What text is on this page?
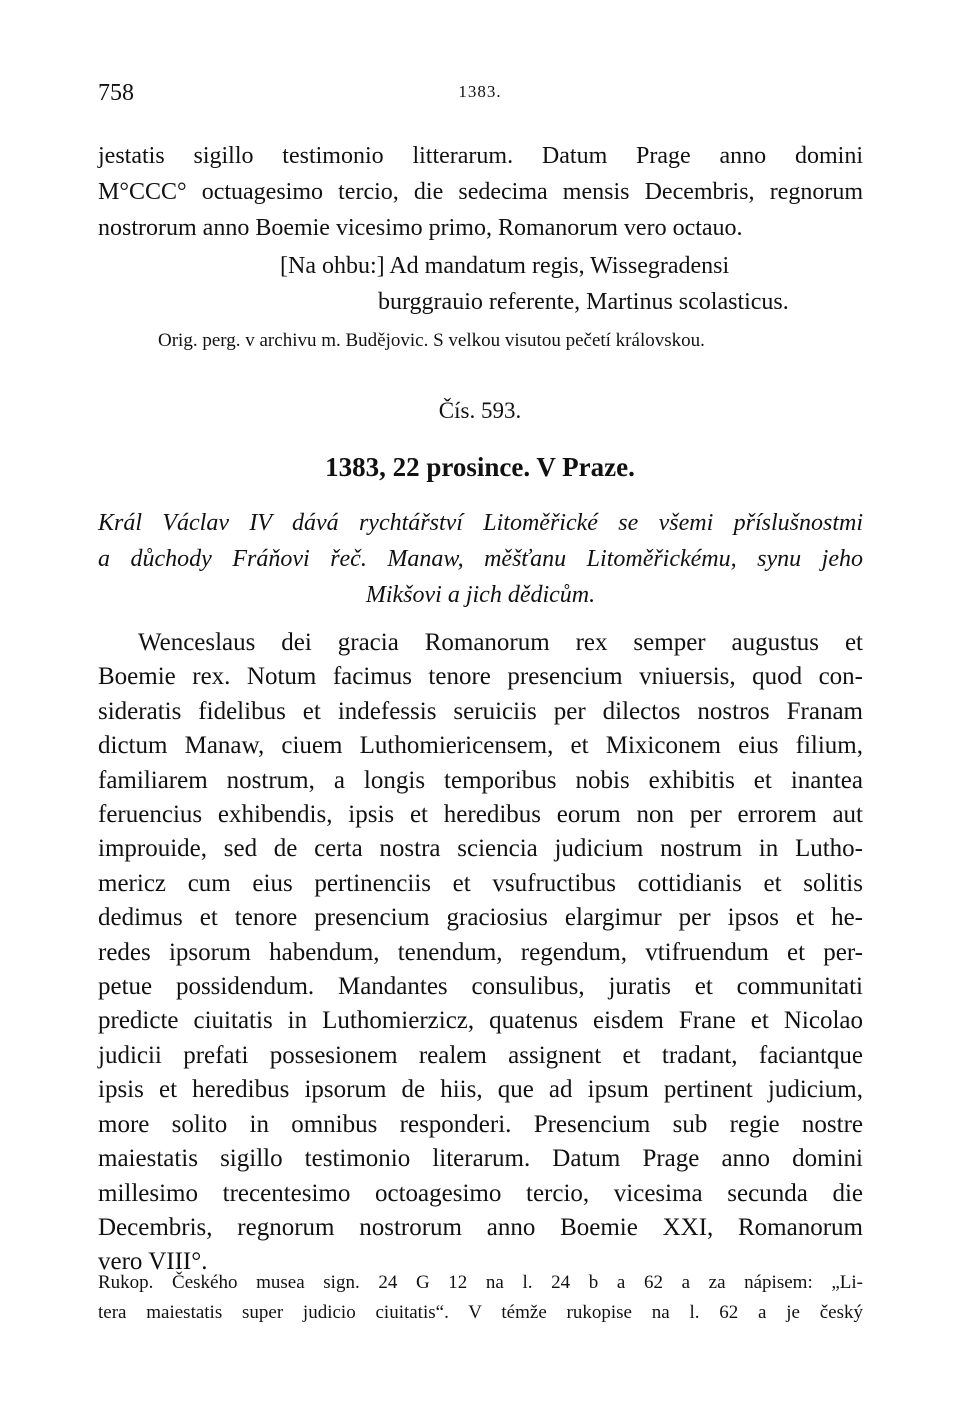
758	1383.
jestatis sigillo testimonio litterarum. Datum Prage anno domini
M°CCC° octuagesimo tercio, die sedecima mensis Decembris, regnorum
nostrorum anno Boemie vicesimo primo, Romanorum vero octauo.
[Na ohbu:] Ad mandatum regis, Wissegradensi
burggrauio referente, Martinus scolasticus.
Orig. perg. v archivu m. Budějovic. S velkou visutou pečetí královskou.
Čís. 593.
1383, 22 prosince. V Praze.
Král Václav IV dává rychtářství Litoměřické se všemi příslušnostmi
a důchody Fráňovi řeč. Manaw, měšťanu Litoměřickému, synu jeho
Mikšovi a jich dědicům.
Wenceslaus dei gracia Romanorum rex semper augustus et
Boemie rex. Notum facimus tenore presencium vniuersis, quod con-
sideratis fidelibus et indefessis seruiciis per dilectos nostros Franam
dictum Manaw, ciuem Luthomiericensem, et Mixiconem eius filium,
familiarem nostrum, a longis temporibus nobis exhibitis et inantea
feruencius exhibendis, ipsis et heredibus eorum non per errorem aut
improuide, sed de certa nostra sciencia judicium nostrum in Lutho-
mericz cum eius pertinenciis et vsufructibus cottidianis et solitis
dedimus et tenore presencium graciosius elargimur per ipsos et he-
redes ipsorum habendum, tenendum, regendum, vtifruendum et per-
petue possidendum. Mandantes consulibus, juratis et communitati
predicte ciuitatis in Luthomierzicz, quatenus eisdem Frane et Nicolao
judicii prefati possesionem realem assignent et tradant, faciantque
ipsis et heredibus ipsorum de hiis, que ad ipsum pertinent judicium,
more solito in omnibus responderi. Presencium sub regie nostre
maiestatis sigillo testimonio literarum. Datum Prage anno domini
millesimo trecentesimo octoagesimo tercio, vicesima secunda die
Decembris, regnorum nostrorum anno Boemie XXI, Romanorum
vero VIII°.
Rukop. Českého musea sign. 24 G 12 na l. 24 b a 62 a za nápisem: „Li-
tera maiestatis super judicio ciuitatis“. V témže rukopise na l. 62 a je český
